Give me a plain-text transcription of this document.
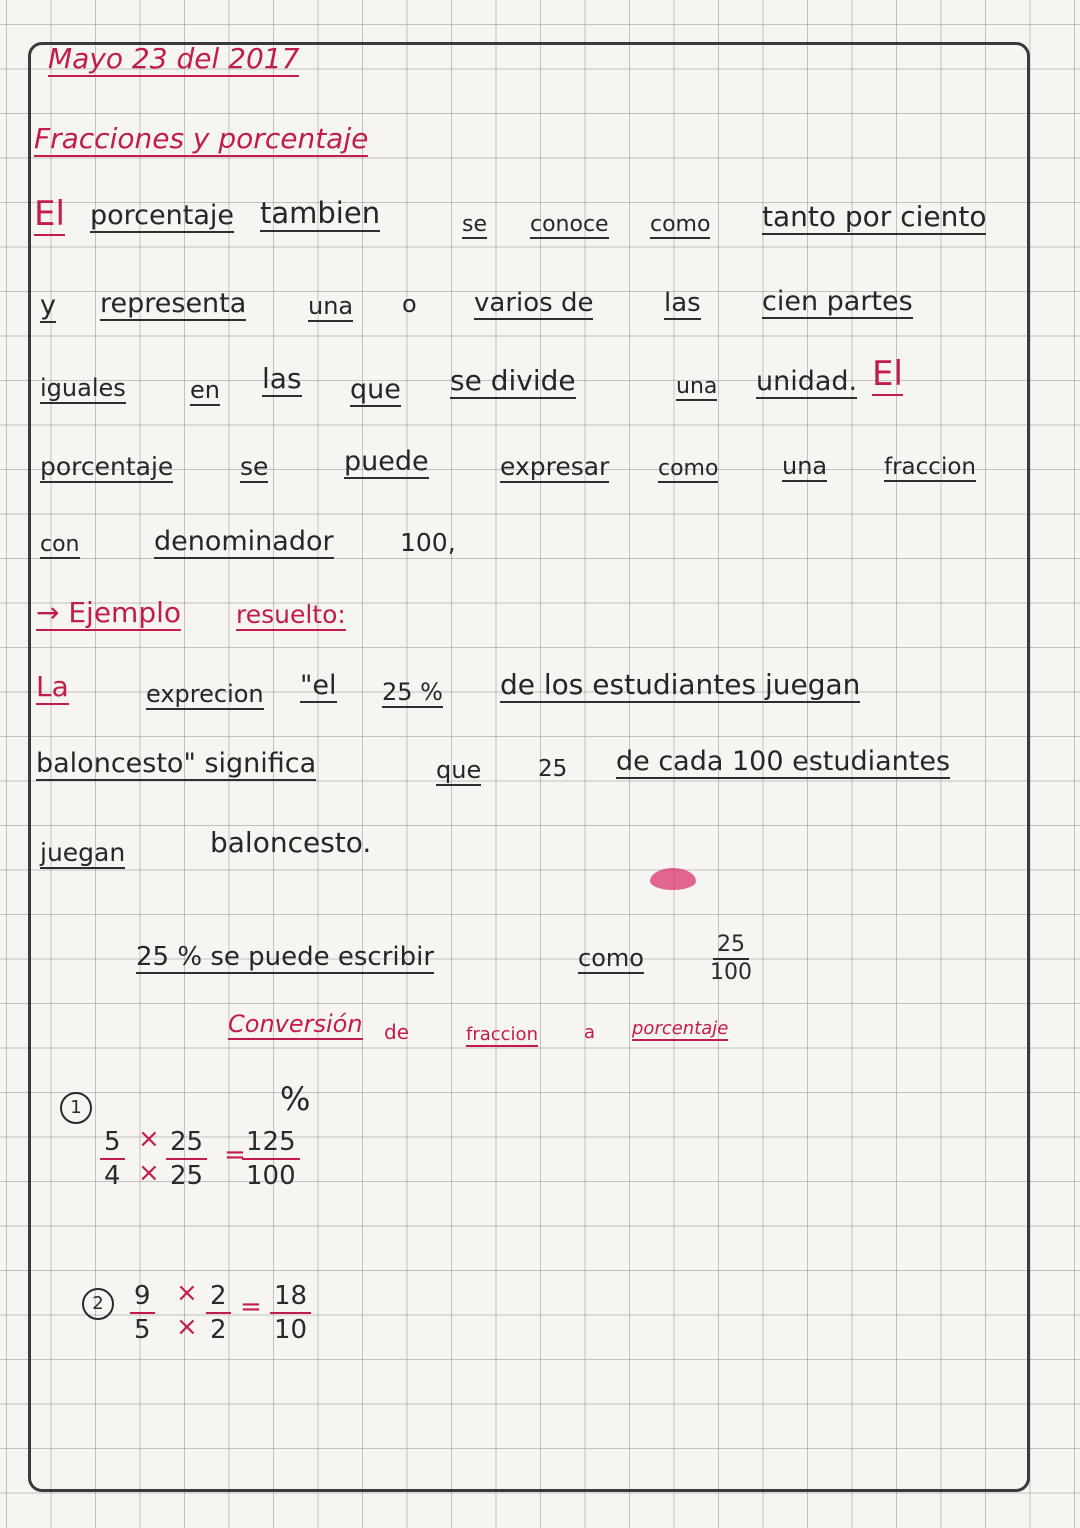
Mayo 23 del 2017
Fracciones y porcentaje
El porcentaje tambien	se conoce como tanto por ciento
y representa	una o varios de	las cien partes
iguales	en las que se divide	una unidad. El
porcentaje	se	puede	expresar como	una fraccion
con	denominador	100,
→ Ejemplo resuelto:
La	exprecion "el 25 % de los estudiantes juegan
baloncesto" significa	que 25 de cada 100 estudiantes
juegan	baloncesto.
25 % se puede escribir	como	$\frac{25}{100}$
Conversión de	fraccion	a porcentaje
1	%
$\frac{5}{4}$ ×
× $\frac{25}{25}$ =
$\frac{125}{100}$
2	$\frac{9}{5}$ ×
× $\frac{2}{2} = \frac{18}{10}$
